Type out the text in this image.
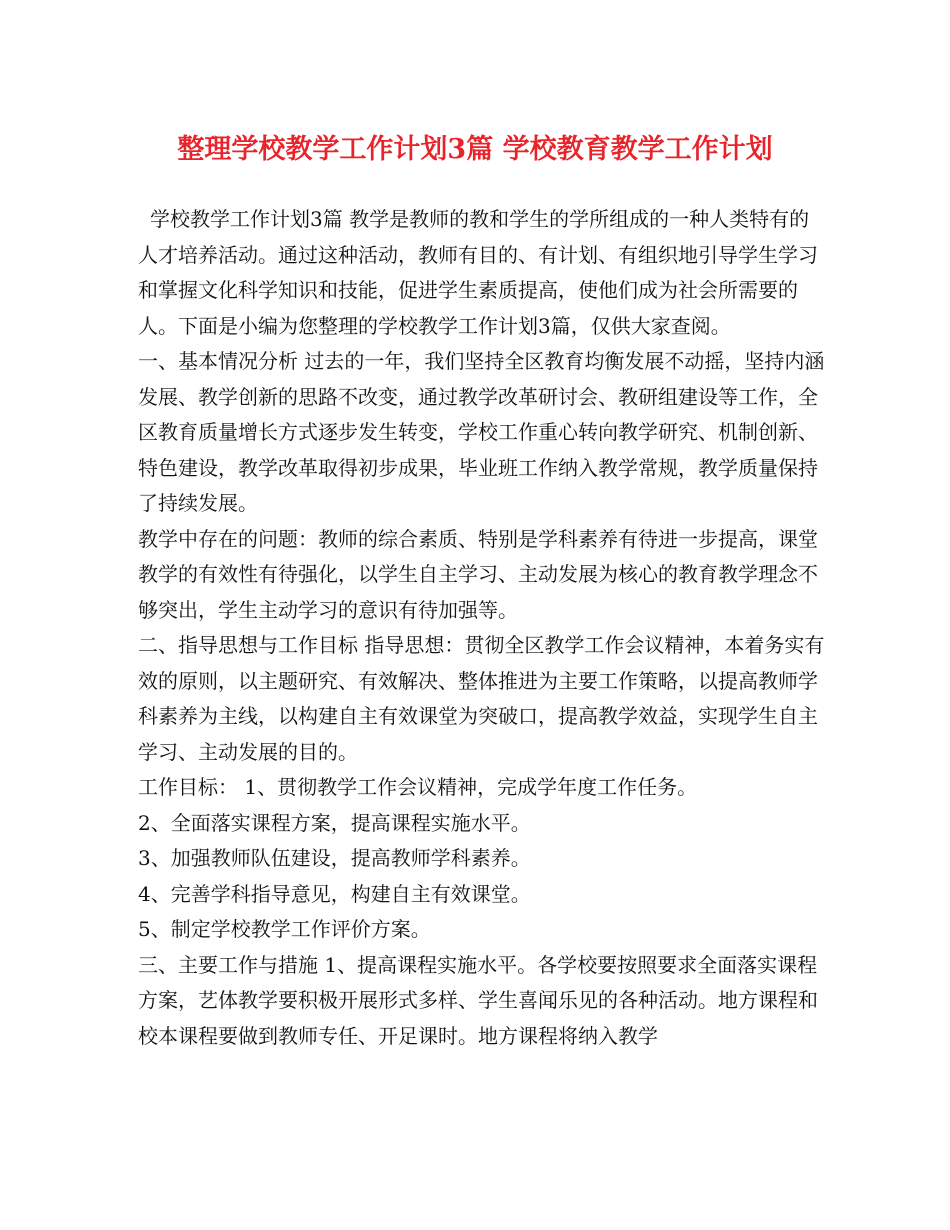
整理学校教学工作计划3篇 学校教育教学工作计划

学校教学工作计划3篇 教学是教师的教和学生的学所组成的一种人类特有的人才培养活动。通过这种活动，教师有目的、有计划、有组织地引导学生学习和掌握文化科学知识和技能，促进学生素质提高，使他们成为社会所需要的人。下面是小编为您整理的学校教学工作计划3篇，仅供大家查阅。

一、基本情况分析 过去的一年，我们坚持全区教育均衡发展不动摇，坚持内涵发展、教学创新的思路不改变，通过教学改革研讨会、教研组建设等工作，全区教育质量增长方式逐步发生转变，学校工作重心转向教学研究、机制创新、特色建设，教学改革取得初步成果，毕业班工作纳入教学常规，教学质量保持了持续发展。

教学中存在的问题：教师的综合素质、特别是学科素养有待进一步提高，课堂教学的有效性有待强化，以学生自主学习、主动发展为核心的教育教学理念不够突出，学生主动学习的意识有待加强等。

二、指导思想与工作目标 指导思想：贯彻全区教学工作会议精神，本着务实有效的原则，以主题研究、有效解决、整体推进为主要工作策略，以提高教师学科素养为主线，以构建自主有效课堂为突破口，提高教学效益，实现学生自主学习、主动发展的目的。

工作目标： 1、贯彻教学工作会议精神，完成学年度工作任务。

2、全面落实课程方案，提高课程实施水平。

3、加强教师队伍建设，提高教师学科素养。

4、完善学科指导意见，构建自主有效课堂。

5、制定学校教学工作评价方案。

三、主要工作与措施 1、提高课程实施水平。各学校要按照要求全面落实课程方案，艺体教学要积极开展形式多样、学生喜闻乐见的各种活动。地方课程和校本课程要做到教师专任、开足课时。地方课程将纳入教学
